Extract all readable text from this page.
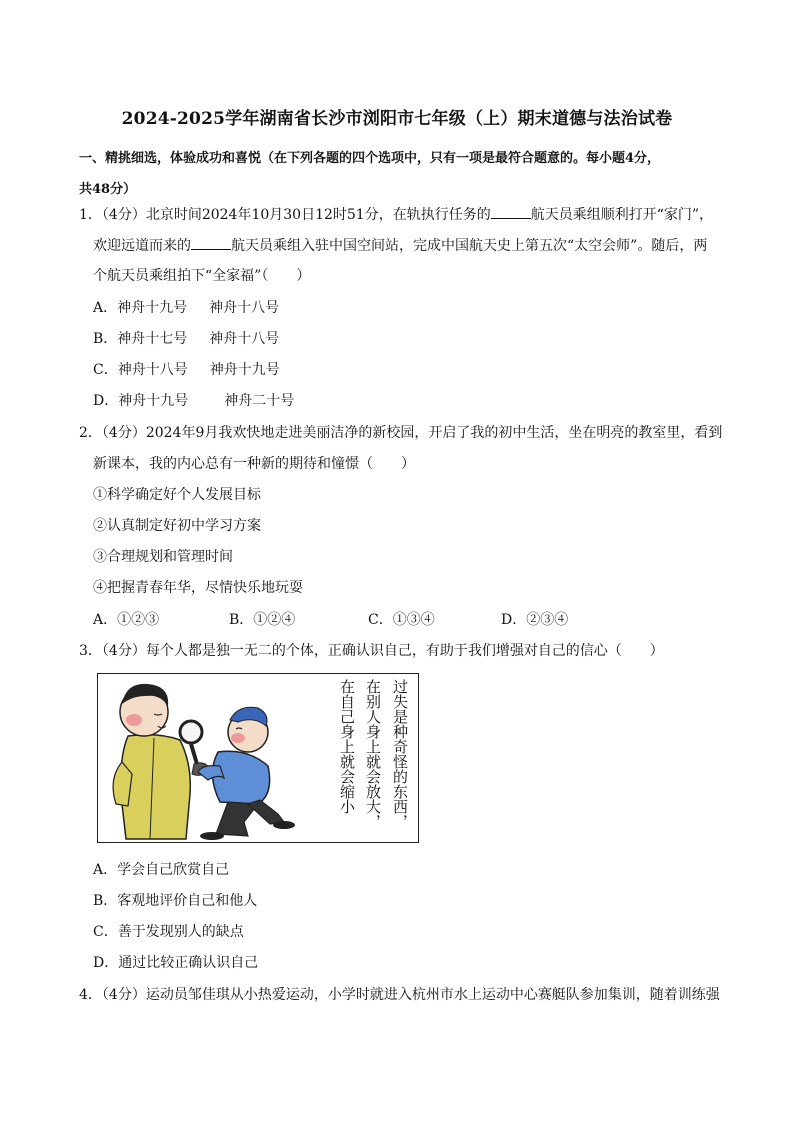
2024-2025学年湖南省长沙市浏阳市七年级（上）期末道德与法治试卷
一、精挑细选，体验成功和喜悦（在下列各题的四个选项中，只有一项是最符合题意的。每小题4分，
共48分）
1．（4分）北京时间2024年10月30日12时51分，在轨执行任务的	航天员乘组顺利打开“家门”，
欢迎远道而来的	航天员乘组入驻中国空间站，完成中国航天史上第五次“太空会师”。随后，两
个航天员乘组拍下“全家福”（　　）
A．神舟十九号 神舟十八号
B．神舟十七号 神舟十八号
C．神舟十八号 神舟十九号
D．神舟十九号	神舟二十号
2．（4分）2024年9月我欢快地走进美丽洁净的新校园，开启了我的初中生活，坐在明亮的教室里，看到
新课本，我的内心总有一种新的期待和憧憬（　　）
①科学确定好个人发展目标
②认真制定好初中学习方案
③合理规划和管理时间
④把握青春年华，尽情快乐地玩耍
A．①②③	B．①②④	C．①③④	D．②③④
3．（4分）每个人都是独一无二的个体，正确认识自己，有助于我们增强对自己的信心（　　）
过失是种奇怪的东西，
在别人身上就会放大，
在自己身上就会缩小
A．学会自己欣赏自己
B．客观地评价自己和他人
C．善于发现别人的缺点
D．通过比较正确认识自己
4．（4分）运动员邹佳琪从小热爱运动，小学时就进入杭州市水上运动中心赛艇队参加集训，随着训练强
